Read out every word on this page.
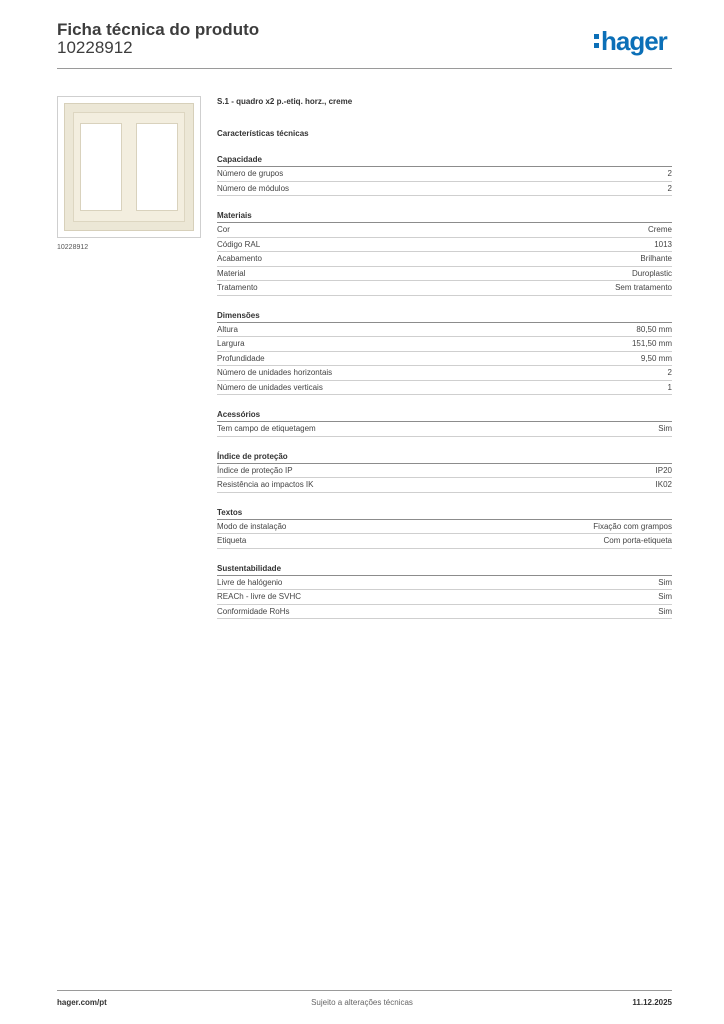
Ficha técnica do produto
10228912	hager
10228912
S.1 - quadro x2 p.-etiq. horz., creme
Características técnicas
Capacidade
Número de grupos	2
Número de módulos	2
Materiais
Cor	Creme
Código RAL	1013
Acabamento	Brilhante
Material	Duroplastic
Tratamento	Sem tratamento
Dimensões
Altura	80,50 mm
Largura	151,50 mm
Profundidade	9,50 mm
Número de unidades horizontais	2
Número de unidades verticais	1
Acessórios
Tem campo de etiquetagem	Sim
Índice de proteção
Índice de proteção IP	IP20
Resistência ao impactos IK	IK02
Textos
Modo de instalação	Fixação com grampos
Etiqueta	Com porta-etiqueta
Sustentabilidade
Livre de halógenio	Sim
REACh - livre de SVHC	Sim
Conformidade RoHs	Sim
hager.com/pt	Sujeito a alterações técnicas	11.12.2025
